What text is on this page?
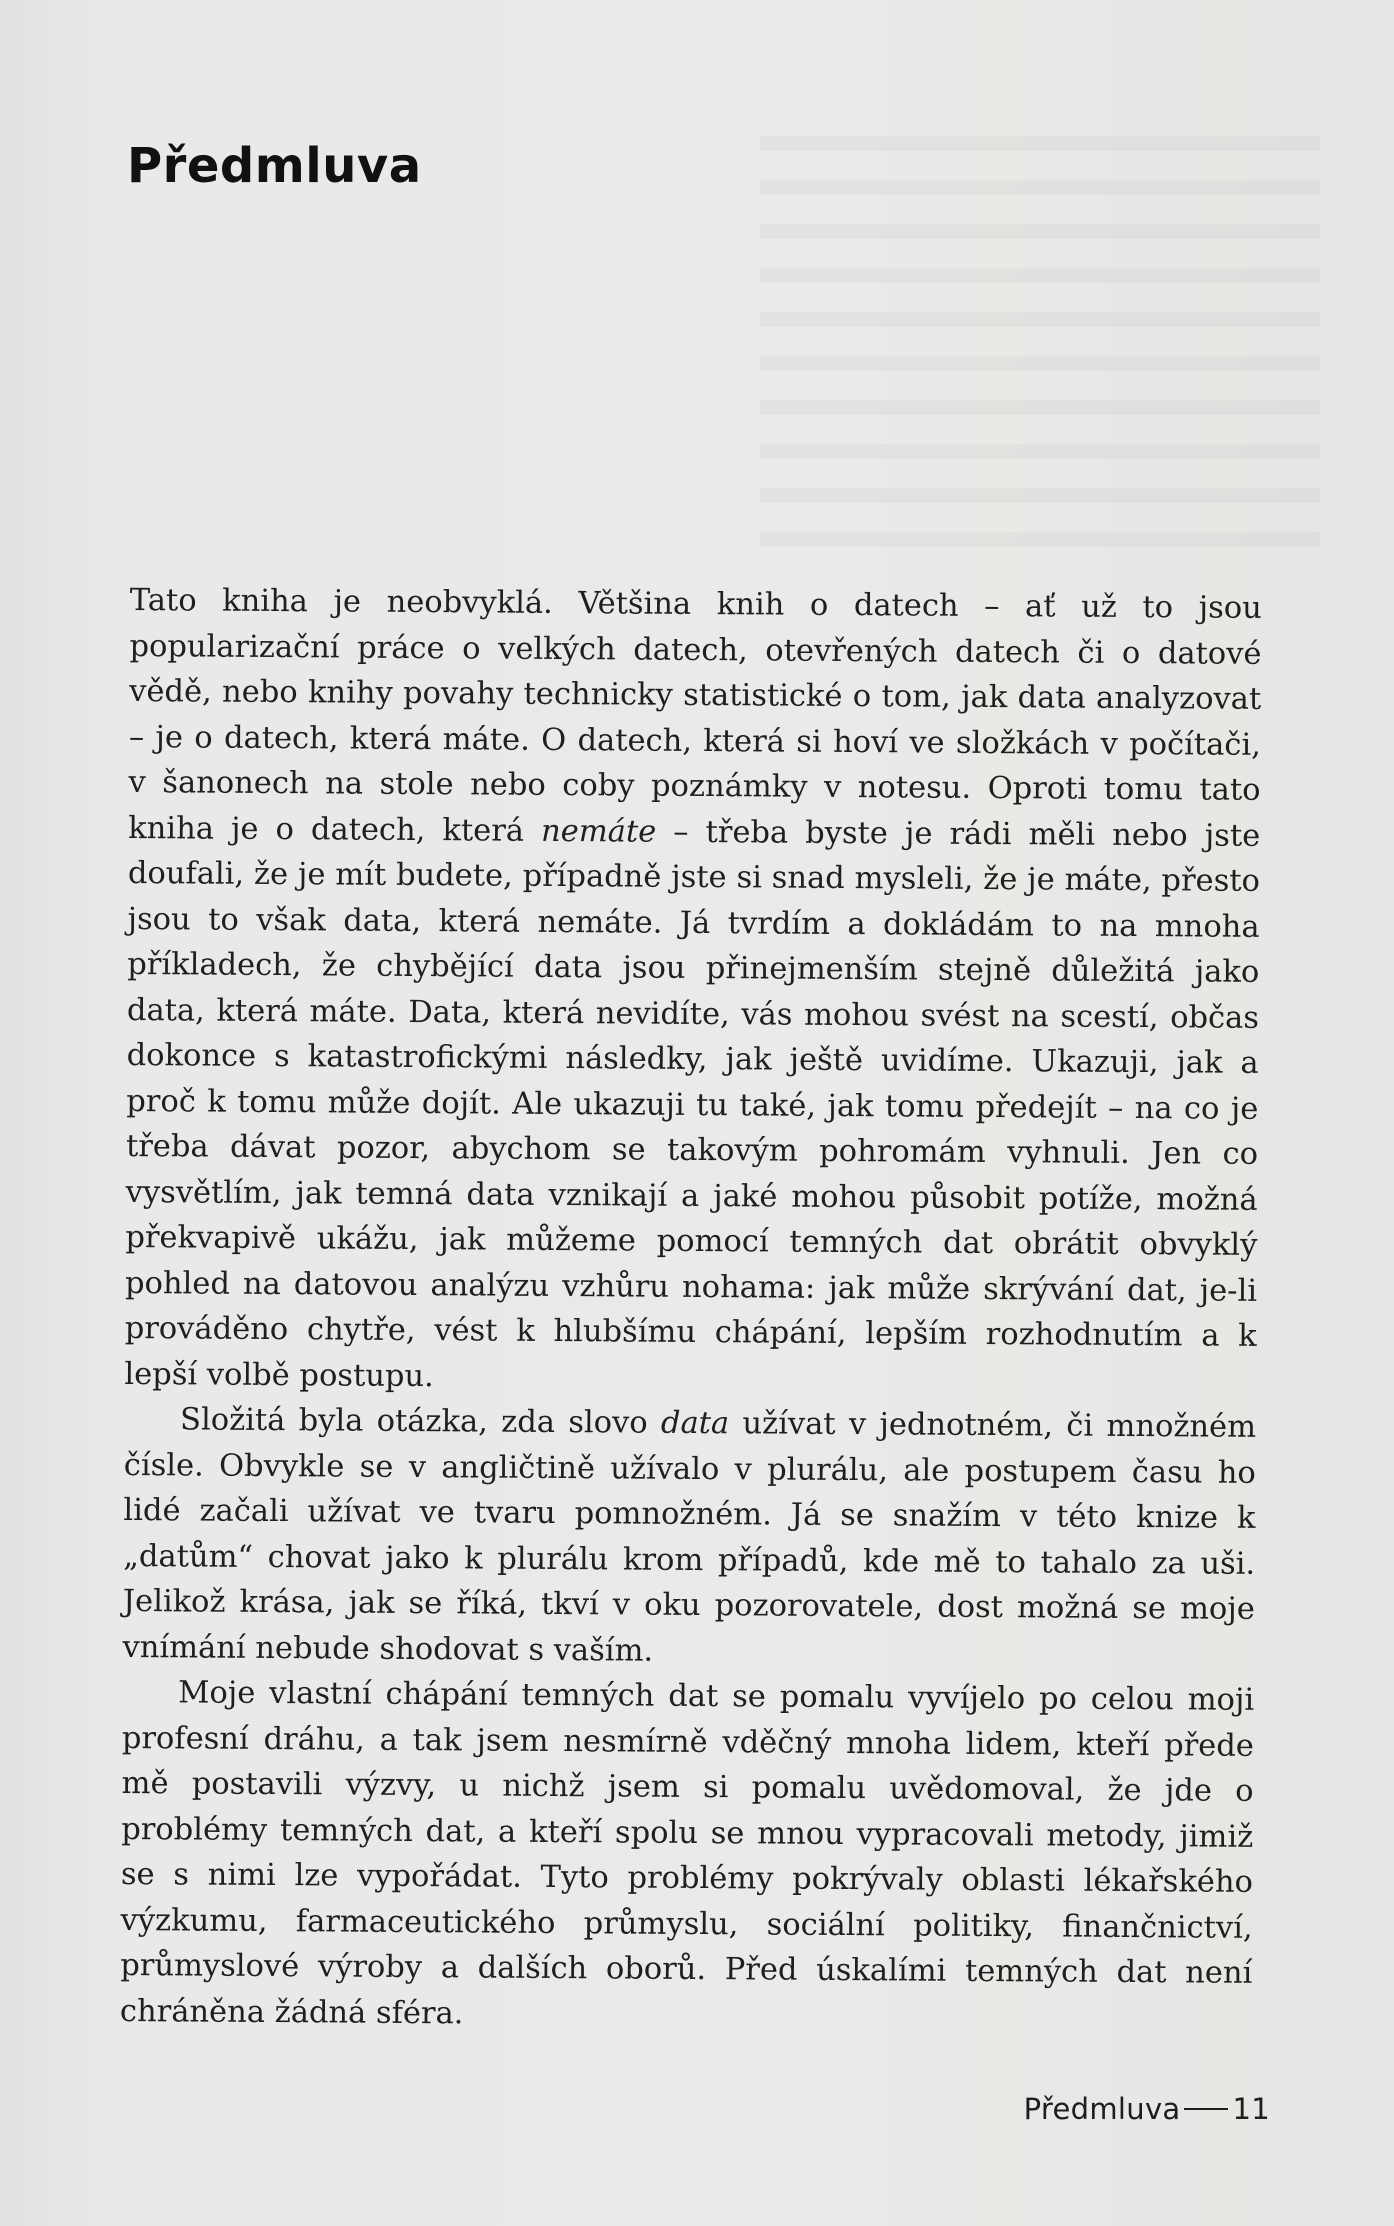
Předmluva

Tato kniha je neobvyklá. Většina knih o datech – ať už to jsou popularizační práce o velkých datech, otevřených datech či o datové vědě, nebo knihy povahy technicky statistické o tom, jak data analyzovat – je o datech, která máte. O datech, která si hoví ve složkách v počítači, v šanonech na stole nebo coby poznámky v notesu. Oproti tomu tato kniha je o datech, která nemáte – třeba byste je rádi měli nebo jste doufali, že je mít budete, případně jste si snad mysleli, že je máte, přesto jsou to však data, která nemáte. Já tvrdím a dokládám to na mnoha příkladech, že chybějící data jsou přinejmenším stejně důležitá jako data, která máte. Data, která nevidíte, vás mohou svést na scestí, občas dokonce s katastrofickými následky, jak ještě uvidíme. Ukazuji, jak a proč k tomu může dojít. Ale ukazuji tu také, jak tomu předejít – na co je třeba dávat pozor, abychom se takovým pohromám vyhnuli. Jen co vysvětlím, jak temná data vznikají a jaké mohou působit potíže, možná překvapivě ukážu, jak můžeme pomocí temných dat obrátit obvyklý pohled na datovou analýzu vzhůru nohama: jak může skrývání dat, je-li prováděno chytře, vést k hlubšímu chápání, lepším rozhodnutím a k lepší volbě postupu.

Složitá byla otázka, zda slovo data užívat v jednotném, či množném čísle. Obvykle se v angličtině užívalo v plurálu, ale postupem času ho lidé začali užívat ve tvaru pomnožném. Já se snažím v této knize k „datům“ chovat jako k plurálu krom případů, kde mě to tahalo za uši. Jelikož krása, jak se říká, tkví v oku pozorovatele, dost možná se moje vnímání nebude shodovat s vaším.

Moje vlastní chápání temných dat se pomalu vyvíjelo po celou moji profesní dráhu, a tak jsem nesmírně vděčný mnoha lidem, kteří přede mě postavili výzvy, u nichž jsem si pomalu uvědomoval, že jde o problémy temných dat, a kteří spolu se mnou vypracovali metody, jimiž se s nimi lze vypořádat. Tyto problémy pokrývaly oblasti lékařského výzkumu, farmaceutického průmyslu, sociální politiky, finančnictví, průmyslové výroby a dalších oborů. Před úskalími temných dat není chráněna žádná sféra.

Předmluva 11
